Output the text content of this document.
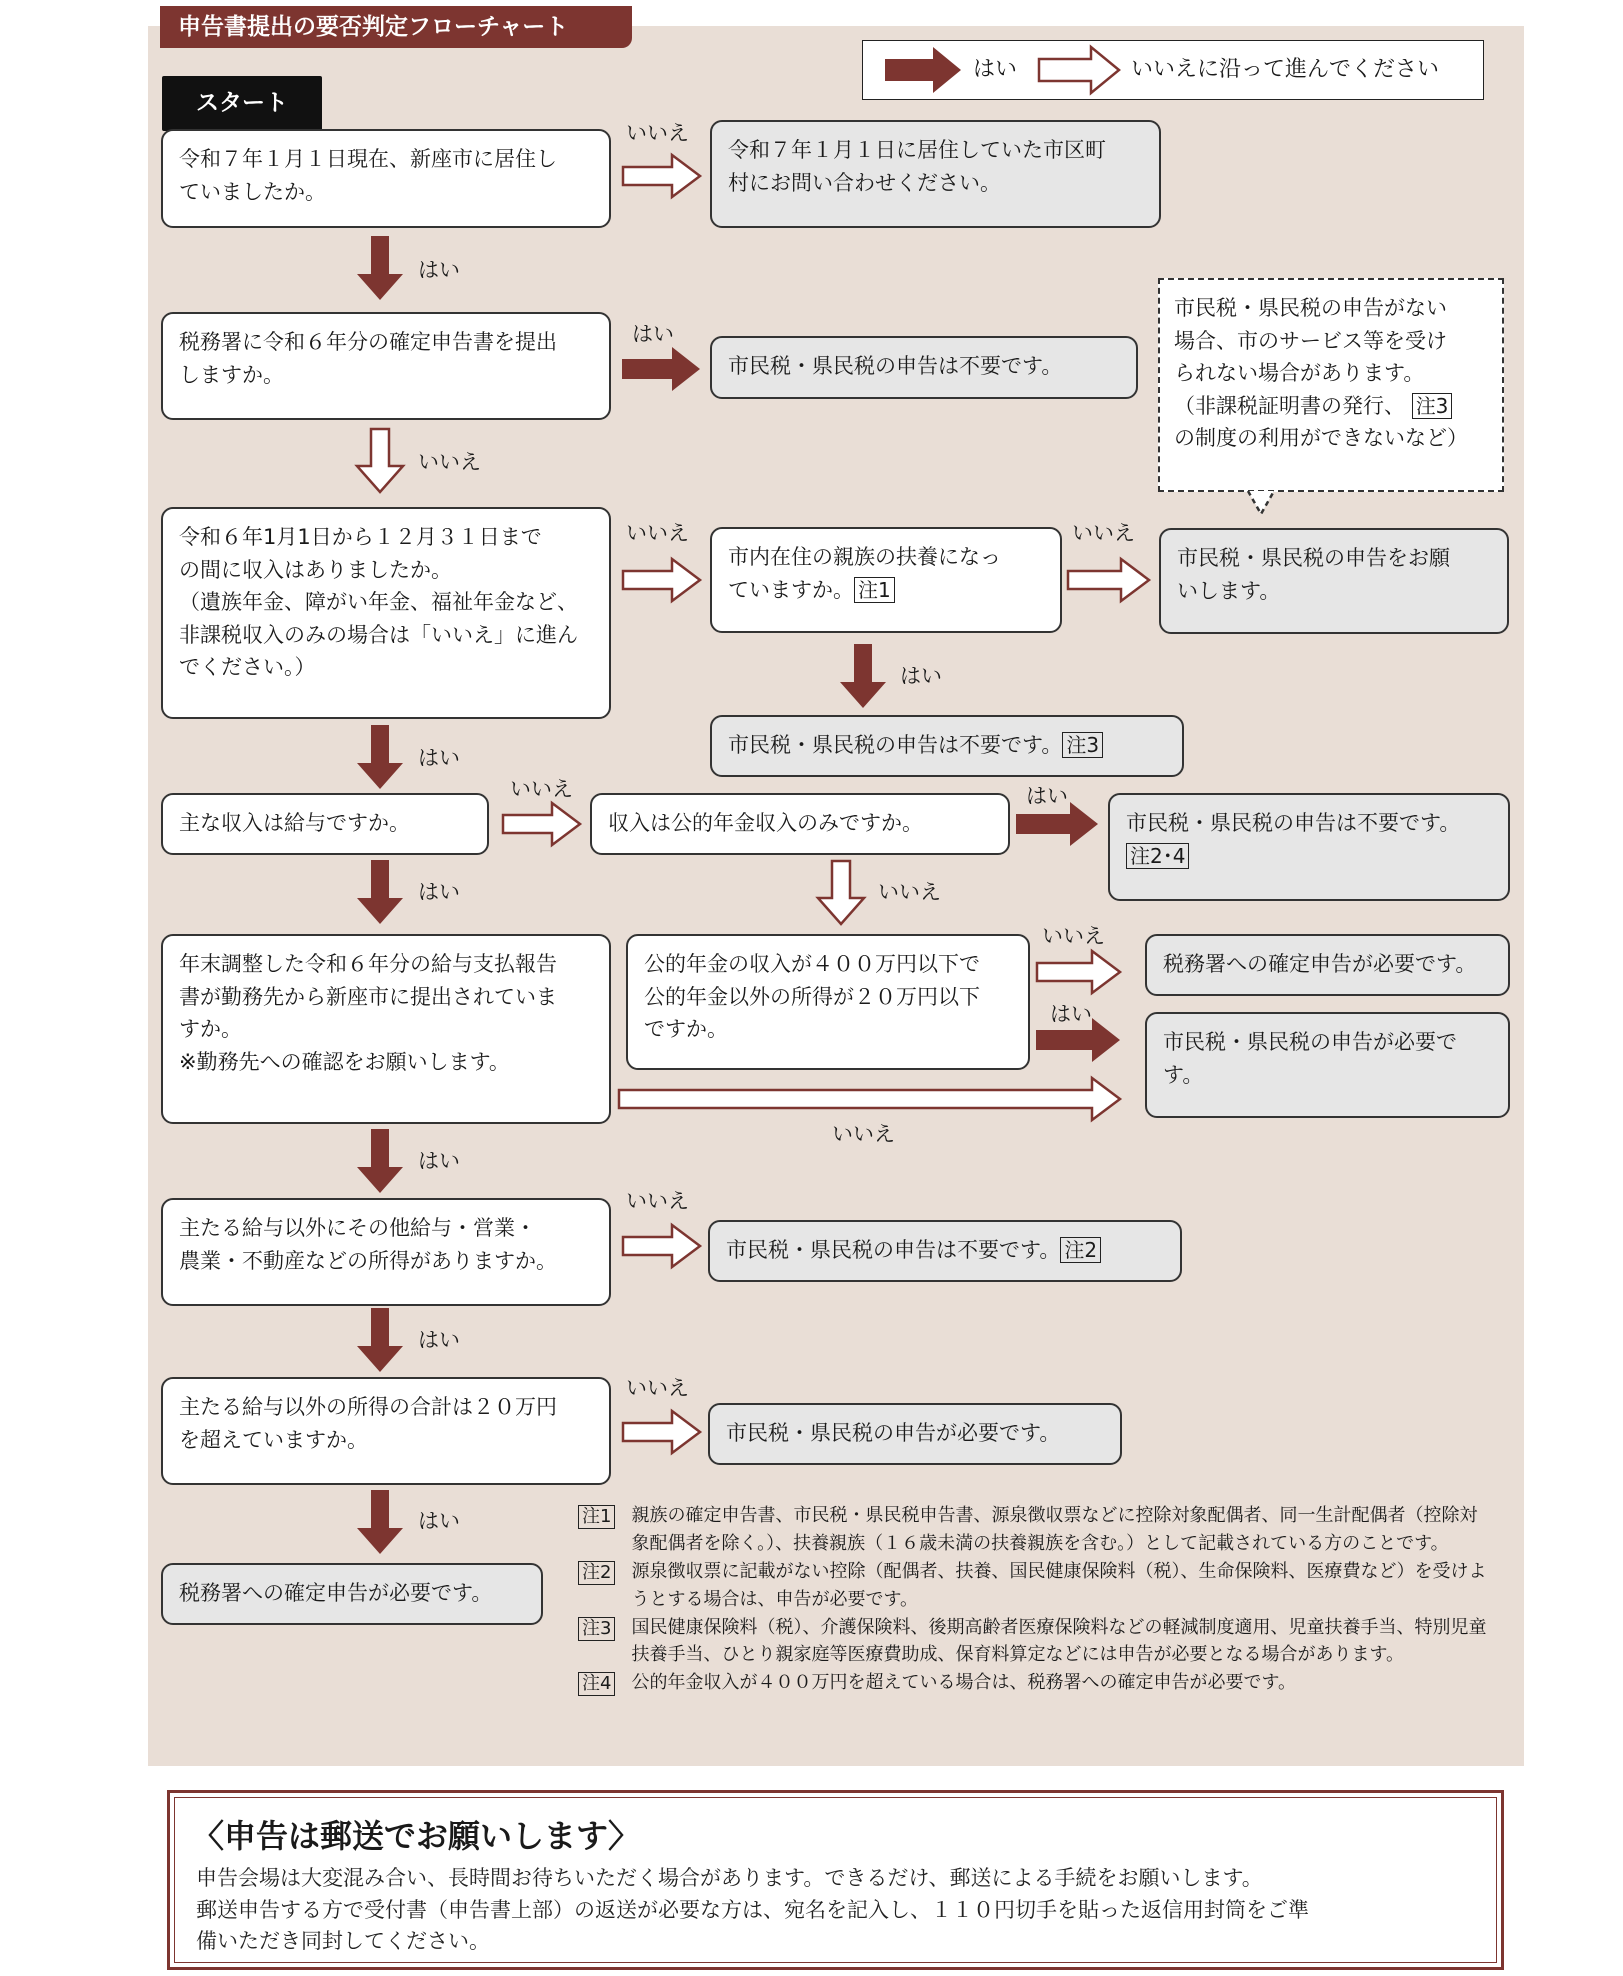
申告書提出の要否判定フローチャート
はい	いいえに沿って進んでください
スタート
令和７年１月１日現在、新座市に居住し
ていましたか。
令和７年１月１日に居住していた市区町
村にお問い合わせください。
税務署に令和６年分の確定申告書を提出
しますか。	市民税・県民税の申告は不要です。
市民税・県民税の申告がない
場合、市のサービス等を受け
られない場合があります。
（非課税証明書の発行、 注3
の制度の利用ができないなど）
令和６年1月1日から１２月３１日まで
の間に収入はありましたか。
（遺族年金、障がい年金、福祉年金など、
非課税収入のみの場合は「いいえ」に進ん
でください。）
市内在住の親族の扶養になっ
ていますか。 注1
市民税・県民税の申告をお願
いします。
市民税・県民税の申告は不要です。 注3
主な収入は給与ですか。	収入は公的年金収入のみですか。	市民税・県民税の申告は不要です。
注2･4
年末調整した令和６年分の給与支払報告
書が勤務先から新座市に提出されていま
すか。
※勤務先への確認をお願いします。
公的年金の収入が４００万円以下で
公的年金以外の所得が２０万円以下
ですか。
税務署への確定申告が必要です。
市民税・県民税の申告が必要で
す。
主たる給与以外にその他給与・営業・
農業・不動産などの所得がありますか。	市民税・県民税の申告は不要です。 注2
主たる給与以外の所得の合計は２０万円
を超えていますか。	市民税・県民税の申告が必要です。
税務署への確定申告が必要です。
いいえ
はい
はい
いいえ
いいえ	いいえ
はい
はい
いいえ	はい
はい	いいえ
いいえ
はい
いいえ
はい
いいえ
はい
いいえ
はい	注1 親族の確定申告書、市民税・県民税申告書、源泉徴収票などに控除対象配偶者、同一生計配偶者（控除対象配偶者を除く。）、扶養親族（１６歳未満の扶養親族を含む。）として記載されている方のことです。
注2 源泉徴収票に記載がない控除（配偶者、扶養、国民健康保険料（税）、生命保険料、医療費など）を受けようとする場合は、申告が必要です。
注3 国民健康保険料（税）、介護保険料、後期高齢者医療保険料などの軽減制度適用、児童扶養手当、特別児童扶養手当、ひとり親家庭等医療費助成、保育料算定などには申告が必要となる場合があります。
注4 公的年金収入が４００万円を超えている場合は、税務署への確定申告が必要です。
〈申告は郵送でお願いします〉

申告会場は大変混み合い、長時間お待ちいただく場合があります。できるだけ、郵送による手続をお願いします。
郵送申告する方で受付書（申告書上部）の返送が必要な方は、宛名を記入し、１１０円切手を貼った返信用封筒をご準
備いただき同封してください。
